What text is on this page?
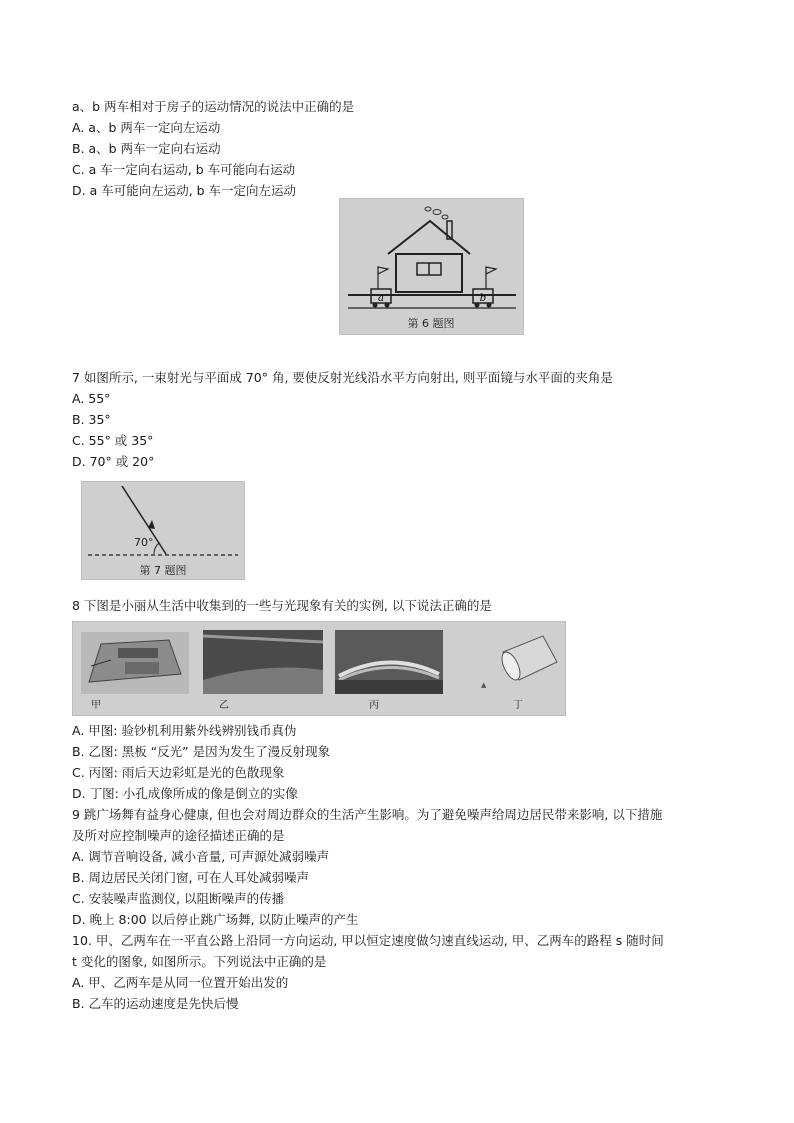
a、b 两车相对于房子的运动情况的说法中正确的是
A. a、b 两车一定向左运动
B. a、b 两车一定向右运动
C. a 车一定向右运动, b 车可能向右运动
D. a 车可能向左运动, b 车一定向左运动
a	b
第 6 题图
7 如图所示, 一束射光与平面成 70° 角, 要使反射光线沿水平方向射出, 则平面镜与水平面的夹角是
A. 55°
B. 35°
C. 55° 或 35°
D. 70° 或 20°
70°
第 7 题图
8 下图是小丽从生活中收集到的一些与光现象有关的实例, 以下说法正确的是
▲
甲	乙	丙	丁
A. 甲图: 验钞机利用紫外线辨别钱币真伪
B. 乙图: 黑板 “反光” 是因为发生了漫反射现象
C. 丙图: 雨后天边彩虹是光的色散现象
D. 丁图: 小孔成像所成的像是倒立的实像
9 跳广场舞有益身心健康, 但也会对周边群众的生活产生影响。为了避免噪声给周边居民带来影响, 以下措施
及所对应控制噪声的途径描述正确的是
A. 调节音响设备, 减小音量, 可声源处减弱噪声
B. 周边居民关闭门窗, 可在人耳处减弱噪声
C. 安装噪声监测仪, 以阻断噪声的传播
D. 晚上 8:00 以后停止跳广场舞, 以防止噪声的产生
10. 甲、乙两车在一平直公路上沿同一方向运动, 甲以恒定速度做匀速直线运动, 甲、乙两车的路程 s 随时间
t 变化的图象, 如图所示。下列说法中正确的是
A. 甲、乙两车是从同一位置开始出发的
B. 乙车的运动速度是先快后慢
